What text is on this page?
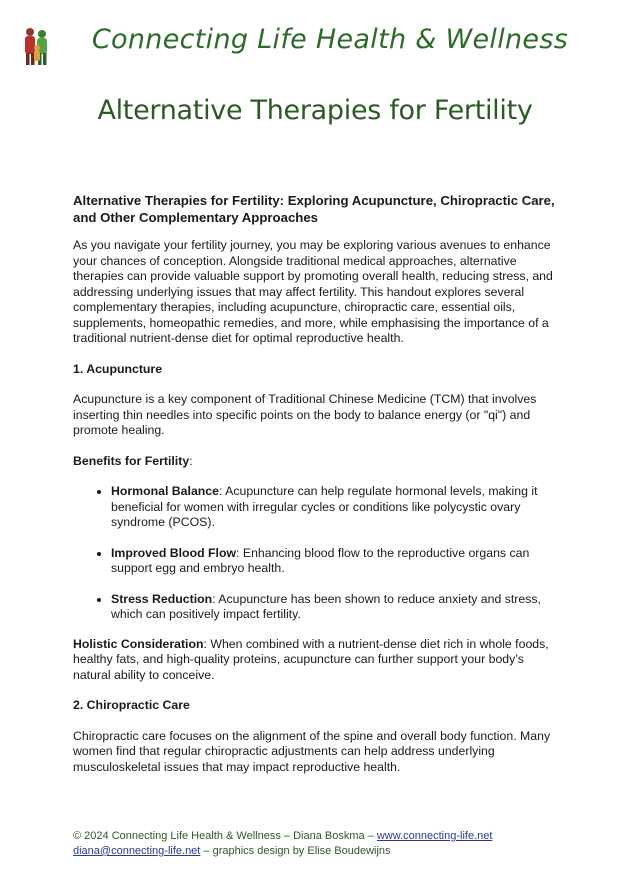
Connecting Life Health & Wellness
Alternative Therapies for Fertility
Alternative Therapies for Fertility: Exploring Acupuncture, Chiropractic Care, and Other Complementary Approaches

As you navigate your fertility journey, you may be exploring various avenues to enhance your chances of conception. Alongside traditional medical approaches, alternative therapies can provide valuable support by promoting overall health, reducing stress, and addressing underlying issues that may affect fertility. This handout explores several complementary therapies, including acupuncture, chiropractic care, essential oils, supplements, homeopathic remedies, and more, while emphasising the importance of a traditional nutrient-dense diet for optimal reproductive health.

1. Acupuncture

Acupuncture is a key component of Traditional Chinese Medicine (TCM) that involves inserting thin needles into specific points on the body to balance energy (or "qi") and promote healing.

Benefits for Fertility:

• Hormonal Balance: Acupuncture can help regulate hormonal levels, making it beneficial for women with irregular cycles or conditions like polycystic ovary syndrome (PCOS).
• Improved Blood Flow: Enhancing blood flow to the reproductive organs can support egg and embryo health.
• Stress Reduction: Acupuncture has been shown to reduce anxiety and stress, which can positively impact fertility.

Holistic Consideration: When combined with a nutrient-dense diet rich in whole foods, healthy fats, and high-quality proteins, acupuncture can further support your body’s natural ability to conceive.

2. Chiropractic Care

Chiropractic care focuses on the alignment of the spine and overall body function. Many women find that regular chiropractic adjustments can help address underlying musculoskeletal issues that may impact reproductive health.

© 2024 Connecting Life Health & Wellness – Diana Boskma – www.connecting-life.net
diana@connecting-life.net – graphics design by Elise Boudewijns
